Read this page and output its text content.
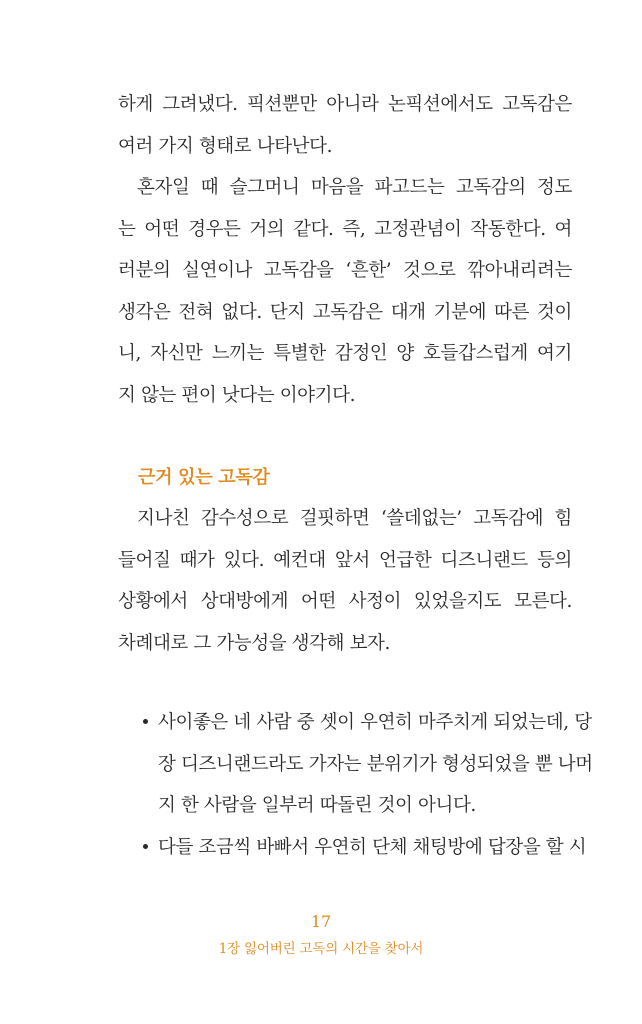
하게 그려냈다. 픽션뿐만 아니라 논픽션에서도 고독감은
여러 가지 형태로 나타난다.

혼자일 때 슬그머니 마음을 파고드는 고독감의 정도
는 어떤 경우든 거의 같다. 즉, 고정관념이 작동한다. 여
러분의 실연이나 고독감을 ‘흔한’ 것으로 깎아내리려는
생각은 전혀 없다. 단지 고독감은 대개 기분에 따른 것이
니, 자신만 느끼는 특별한 감정인 양 호들갑스럽게 여기
지 않는 편이 낫다는 이야기다.

근거 있는 고독감

지나친 감수성으로 걸핏하면 ‘쓸데없는’ 고독감에 힘
들어질 때가 있다. 예컨대 앞서 언급한 디즈니랜드 등의
상황에서 상대방에게 어떤 사정이 있었을지도 모른다.
차례대로 그 가능성을 생각해 보자.

사이좋은 네 사람 중 셋이 우연히 마주치게 되었는데, 당
장 디즈니랜드라도 가자는 분위기가 형성되었을 뿐 나머
지 한 사람을 일부러 따돌린 것이 아니다.
다들 조금씩 바빠서 우연히 단체 채팅방에 답장을 할 시
17
1장 잃어버린 고독의 시간을 찾아서
